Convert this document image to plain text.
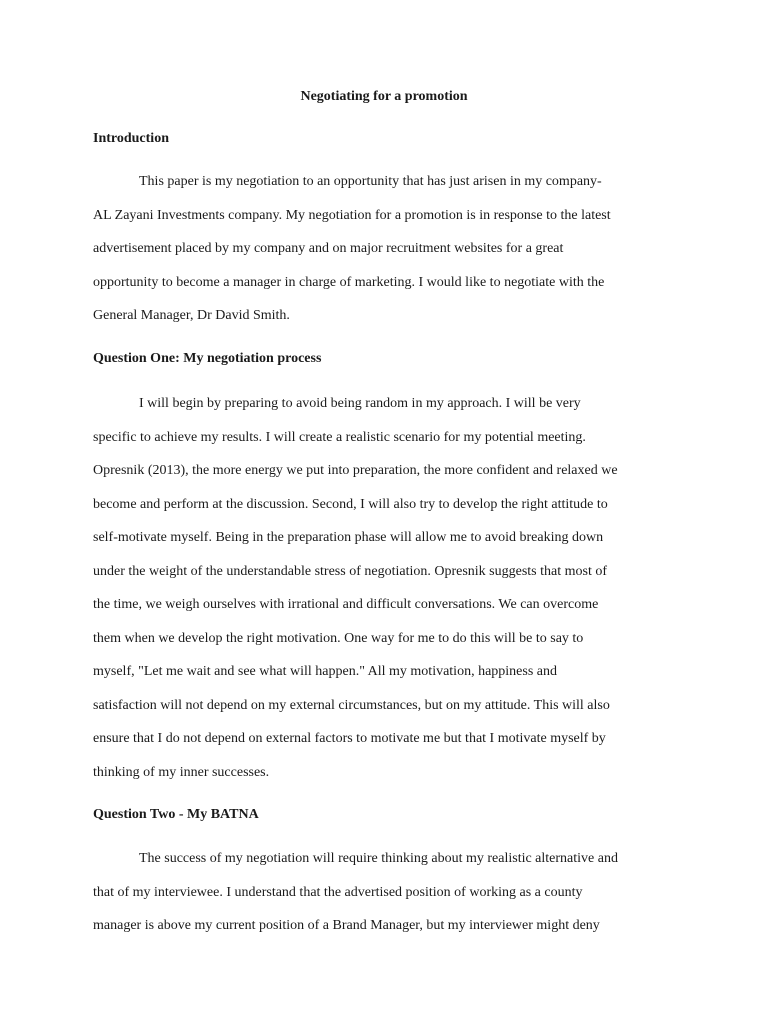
Negotiating for a promotion
Introduction
This paper is my negotiation to an opportunity that has just arisen in my company-
AL Zayani Investments company. My negotiation for a promotion is in response to the latest
advertisement placed by my company and on major recruitment websites for a great
opportunity to become a manager in charge of marketing. I would like to negotiate with the
General Manager, Dr David Smith.
Question One: My negotiation process
I will begin by preparing to avoid being random in my approach. I will be very
specific to achieve my results. I will create a realistic scenario for my potential meeting.
Opresnik (2013), the more energy we put into preparation, the more confident and relaxed we
become and perform at the discussion. Second, I will also try to develop the right attitude to
self-motivate myself. Being in the preparation phase will allow me to avoid breaking down
under the weight of the understandable stress of negotiation. Opresnik suggests that most of
the time, we weigh ourselves with irrational and difficult conversations. We can overcome
them when we develop the right motivation. One way for me to do this will be to say to
myself, "Let me wait and see what will happen." All my motivation, happiness and
satisfaction will not depend on my external circumstances, but on my attitude. This will also
ensure that I do not depend on external factors to motivate me but that I motivate myself by
thinking of my inner successes.
Question Two - My BATNA
The success of my negotiation will require thinking about my realistic alternative and
that of my interviewee. I understand that the advertised position of working as a county
manager is above my current position of a Brand Manager, but my interviewer might deny
